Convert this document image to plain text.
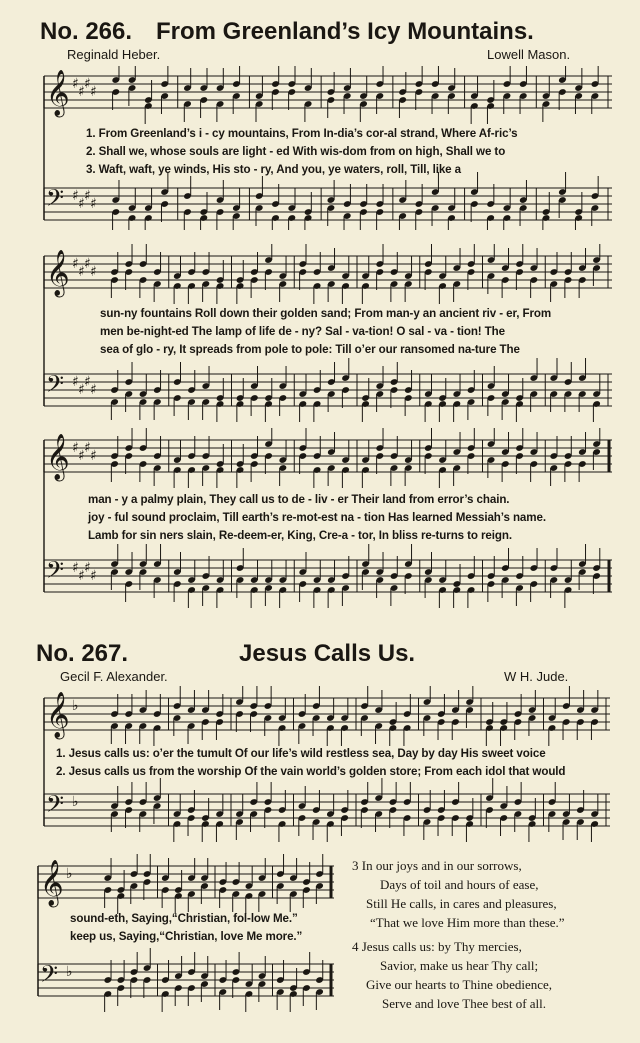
No. 266. From Greenland’s Icy Mountains.
Reginald Heber.	Lowell Mason.
𝄞 ♯ ♯ ♯ ♯
𝄢 ♯ ♯ ♯ ♯
1. From Greenland’s i - cy mountains, From In-dia’s cor-al strand, Where Af-ric’s
2. Shall we, whose souls are light - ed With wis-dom from on high, Shall we to
3. Waft, waft, ye winds, His sto - ry, And you, ye waters, roll, Till, like a
𝄞 ♯ ♯ ♯ ♯
𝄢 ♯ ♯ ♯ ♯
sun-ny fountains Roll down their golden sand; From man-y an ancient riv - er, From
men be-night-ed The lamp of life de - ny? Sal - va-tion! O sal - va - tion! The
sea of glo - ry, It spreads from pole to pole: Till o’er our ransomed na-ture The
𝄞 ♯ ♯ ♯ ♯
𝄢 ♯ ♯ ♯ ♯
man - y a palmy plain, They call us to de - liv - er Their land from error’s chain.
joy - ful sound proclaim, Till earth’s re-mot-est na - tion Has learned Messiah’s name.
Lamb for sin ners slain, Re-deem-er, King, Cre-a - tor, In bliss re-turns to reign.
No. 267.	Jesus Calls Us.
Gecil F. Alexander.	W H. Jude.
𝄞 ♭
𝄢 ♭
1. Jesus calls us: o’er the tumult Of our life’s wild restless sea, Day by day His sweet voice
2. Jesus calls us from the worship Of the vain world’s golden store; From each idol that would
𝄞 ♭
𝄢 ♭
sound-eth, Saying,“Christian, fol-low Me.”
keep us, Saying,“Christian, love Me more.”
3 In our joys and in our sorrows,
Days of toil and hours of ease,
Still He calls, in cares and pleasures,
“That we love Him more than these.”
4 Jesus calls us: by Thy mercies,
Savior, make us hear Thy call;
Give our hearts to Thine obedience,
Serve and love Thee best of all.
